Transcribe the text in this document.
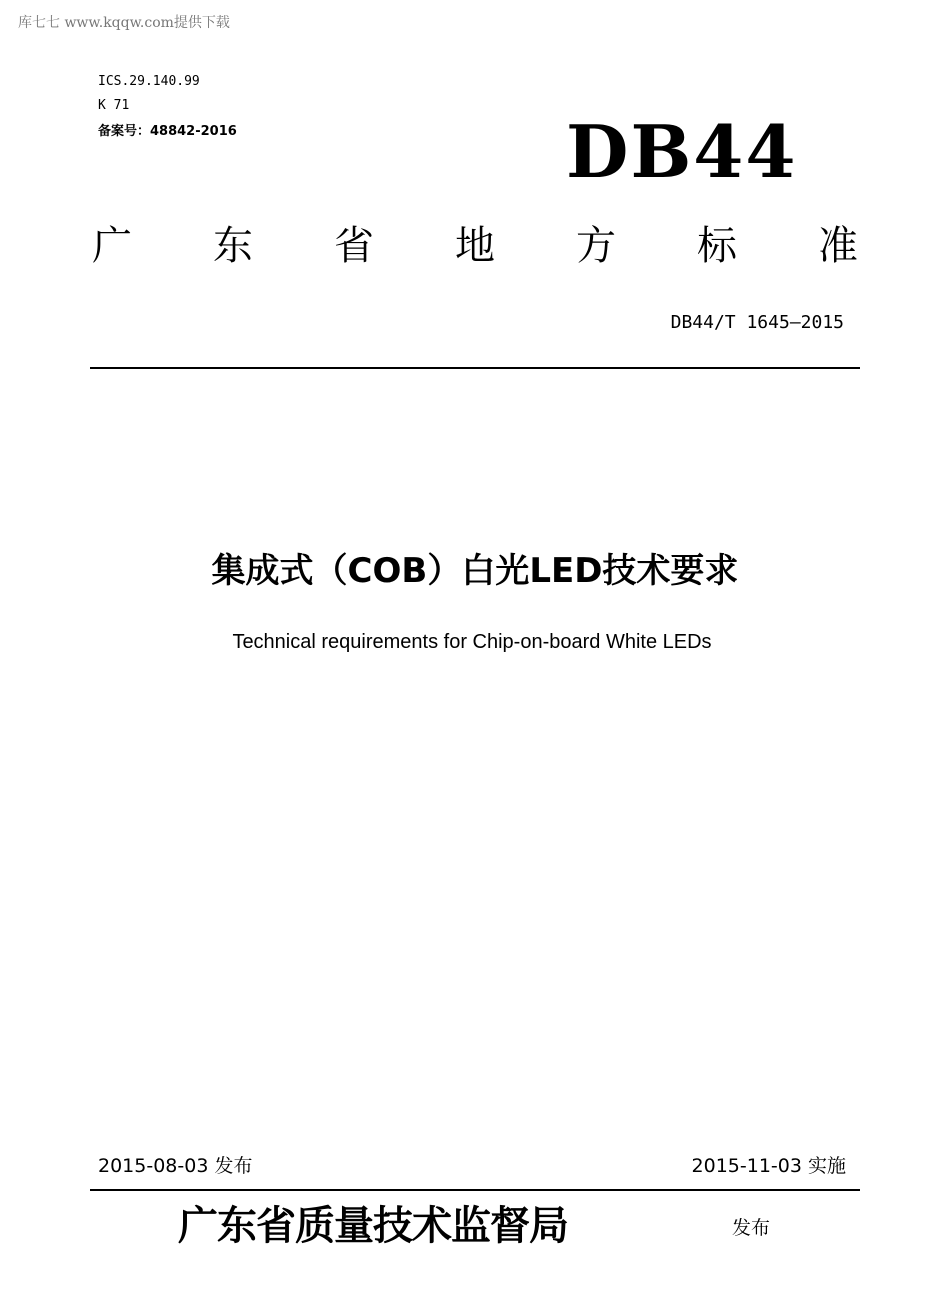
库七七 www.kqqw.com提供下载
ICS.29.140.99
K 71
备案号：48842-2016	DB44
广 东 省 地 方 标 准
DB44/T 1645—2015
集成式（COB）白光LED技术要求
Technical requirements for Chip-on-board White LEDs
2015-08-03 发布	2015-11-03 实施
广东省质量技术监督局	发布
